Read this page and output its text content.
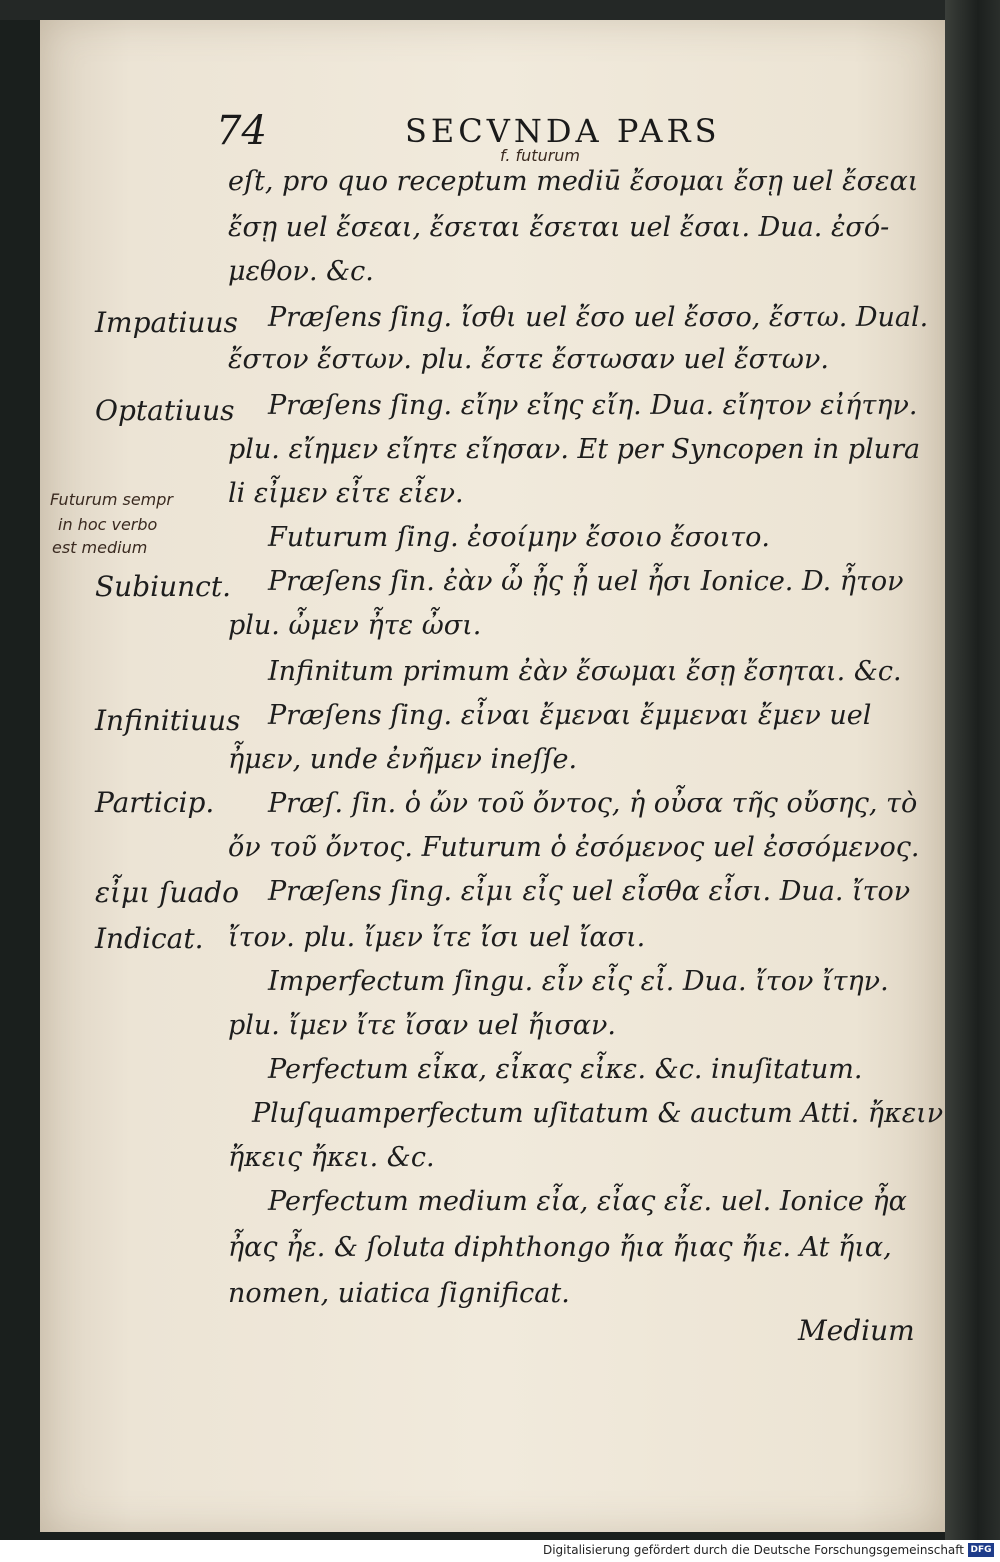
74	SECVNDA PARS
f. futurum
Futurum sempr
in hoc verbo
est medium
Impatiuus
Optatiuus
Subiunct.
Infinitiuus
Particip.
εἶμι ſuado
Indicat.
eſt, pro quo receptum mediū ἔσομαι ἔσῃ uel ἔσεαι
ἔσῃ uel ἔσεαι, ἔσεται ἔσεται uel ἔσαι. Dua. ἐσό-
μεθον. &c.
Præſens ſing. ἴσθι uel ἔσο uel ἔσσο, ἔστω. Dual.
ἔστον ἔστων. plu. ἔστε ἔστωσαν uel ἔστων.
Præſens ſing. εἴην εἴης εἴη. Dua. εἴητον εἰήτην.
plu. εἴημεν εἴητε εἴησαν. Et per Syncopen in plura
li εἶμεν εἶτε εἶεν.
Futurum ſing. ἐσοίμην ἔσοιο ἔσοιτο.
Præſens ſin. ἐὰν ὦ ᾖς ᾖ uel ἦσι Ionice. D. ἦτον
plu. ὦμεν ἦτε ὦσι.
Infinitum primum ἐὰν ἔσωμαι ἔσῃ ἔσηται. &c.
Præſens ſing. εἶναι ἔμεναι ἔμμεναι ἔμεν uel
ἦμεν, unde ἐνῆμεν ineſſe.
Præſ. ſin. ὁ ὤν τοῦ ὄντος, ἡ οὖσα τῆς οὔσης, τὸ
ὄν τοῦ ὄντος. Futurum ὁ ἐσόμενος uel ἐσσόμενος.
Præſens ſing. εἶμι εἶς uel εἶσθα εἶσι. Dua. ἴτον
ἴτον. plu. ἴμεν ἴτε ἴσι uel ἴασι.
Imperfectum ſingu. εἶν εἶς εἶ. Dua. ἴτον ἴτην.
plu. ἴμεν ἴτε ἴσαν uel ἤισαν.
Perfectum εἶκα, εἶκας εἶκε. &c. inuſitatum.
Pluſquamperfectum uſitatum & auctum Atti. ἤκειν
ἤκεις ἤκει. &c.
Perfectum medium εἶα, εἶας εἶε. uel. Ionice ἦα
ἦας ἦε. & ſoluta diphthongo ἤια ἤιας ἤιε. At ἤια,
nomen, uiatica ſignificat.
Medium
Digitalisierung gefördert durch die Deutsche Forschungsgemeinschaft DFG
